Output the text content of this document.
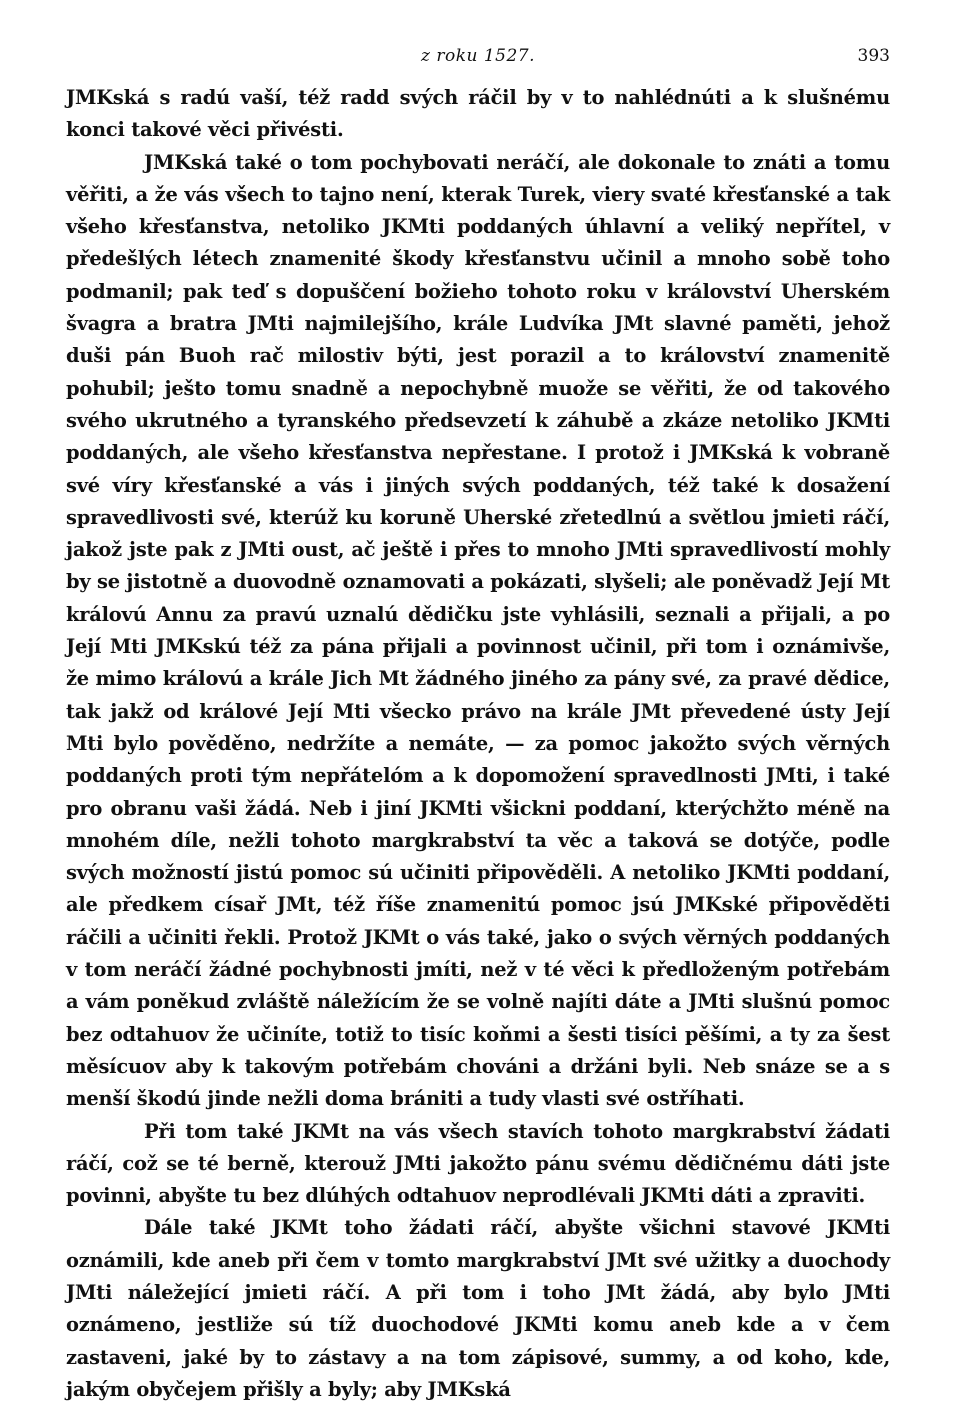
z roku 1527.	393

JMKská s radú vaší, též radd svých ráčil by v to nahlédnúti a k slušnému konci takové věci přivésti.

JMKská také o tom pochybovati neráčí, ale dokonale to znáti a tomu věřiti, a že vás všech to tajno není, kterak Turek, viery svaté křesťanské a tak všeho křesťanstva, netoliko JKMti poddaných úhlavní a veliký nepřítel, v předešlých létech znamenité škody křesťanstvu učinil a mnoho sobě toho podmanil; pak teď s dopuščení božieho tohoto roku v království Uherském švagra a bratra JMti najmilejšího, krále Ludvíka JMt slavné paměti, jehož duši pán Buoh rač milostiv býti, jest porazil a to království znamenitě pohubil; ješto tomu snadně a nepochybně muože se věřiti, že od takového svého ukrutného a tyranského předsevzetí k záhubě a zkáze netoliko JKMti poddaných, ale všeho křesťanstva nepřestane. I protož i JMKská k vobraně své víry křesťanské a vás i jiných svých poddaných, též také k dosažení spravedlivosti své, kterúž ku koruně Uherské zřetedlnú a světlou jmieti ráčí, jakož jste pak z JMti oust, ač ještě i přes to mnoho JMti spravedlivostí mohly by se jistotně a duovodně oznamovati a pokázati, slyšeli; ale poněvadž Její Mt královú Annu za pravú uznalú dědičku jste vyhlásili, seznali a přijali, a po Její Mti JMKskú též za pána přijali a povinnost učinil, při tom i oznámivše, že mimo královú a krále Jich Mt žádného jiného za pány své, za pravé dědice, tak jakž od králové Její Mti všecko právo na krále JMt převedené ústy Její Mti bylo pověděno, nedržíte a nemáte, — za pomoc jakožto svých věrných poddaných proti tým nepřátelóm a k dopomožení spravedlnosti JMti, i také pro obranu vaši žádá. Neb i jiní JKMti všickni poddaní, kterýchžto méně na mnohém díle, nežli tohoto margkrabství ta věc a taková se dotýče, podle svých možností jistú pomoc sú učiniti připověděli. A netoliko JKMti poddaní, ale předkem císař JMt, též říše znamenitú pomoc jsú JMKské připověděti ráčili a učiniti řekli. Protož JKMt o vás také, jako o svých věrných poddaných v tom neráčí žádné pochybnosti jmíti, než v té věci k předloženým potřebám a vám poněkud zvláště náležícím že se volně najíti dáte a JMti slušnú pomoc bez odtahuov že učiníte, totiž to tisíc koňmi a šesti tisíci pěšími, a ty za šest měsícuov aby k takovým potřebám chováni a držáni byli. Neb snáze se a s menší škodú jinde nežli doma brániti a tudy vlasti své ostříhati.

Při tom také JKMt na vás všech stavích tohoto margkrabství žádati ráčí, což se té berně, kterouž JMti jakožto pánu svému dědičnému dáti jste povinni, abyšte tu bez dlúhých odtahuov neprodlévali JKMti dáti a zpraviti.

Dále také JKMt toho žádati ráčí, abyšte všichni stavové JKMti oznámili, kde aneb při čem v tomto margkrabství JMt své užitky a duochody JMti náležející jmieti ráčí. A při tom i toho JMt žádá, aby bylo JMti oznámeno, jestliže sú tíž duochodové JKMti komu aneb kde a v čem zastaveni, jaké by to zástavy a na tom zápisové, summy, a od koho, kde, jakým obyčejem přišly a byly; aby JMKská
